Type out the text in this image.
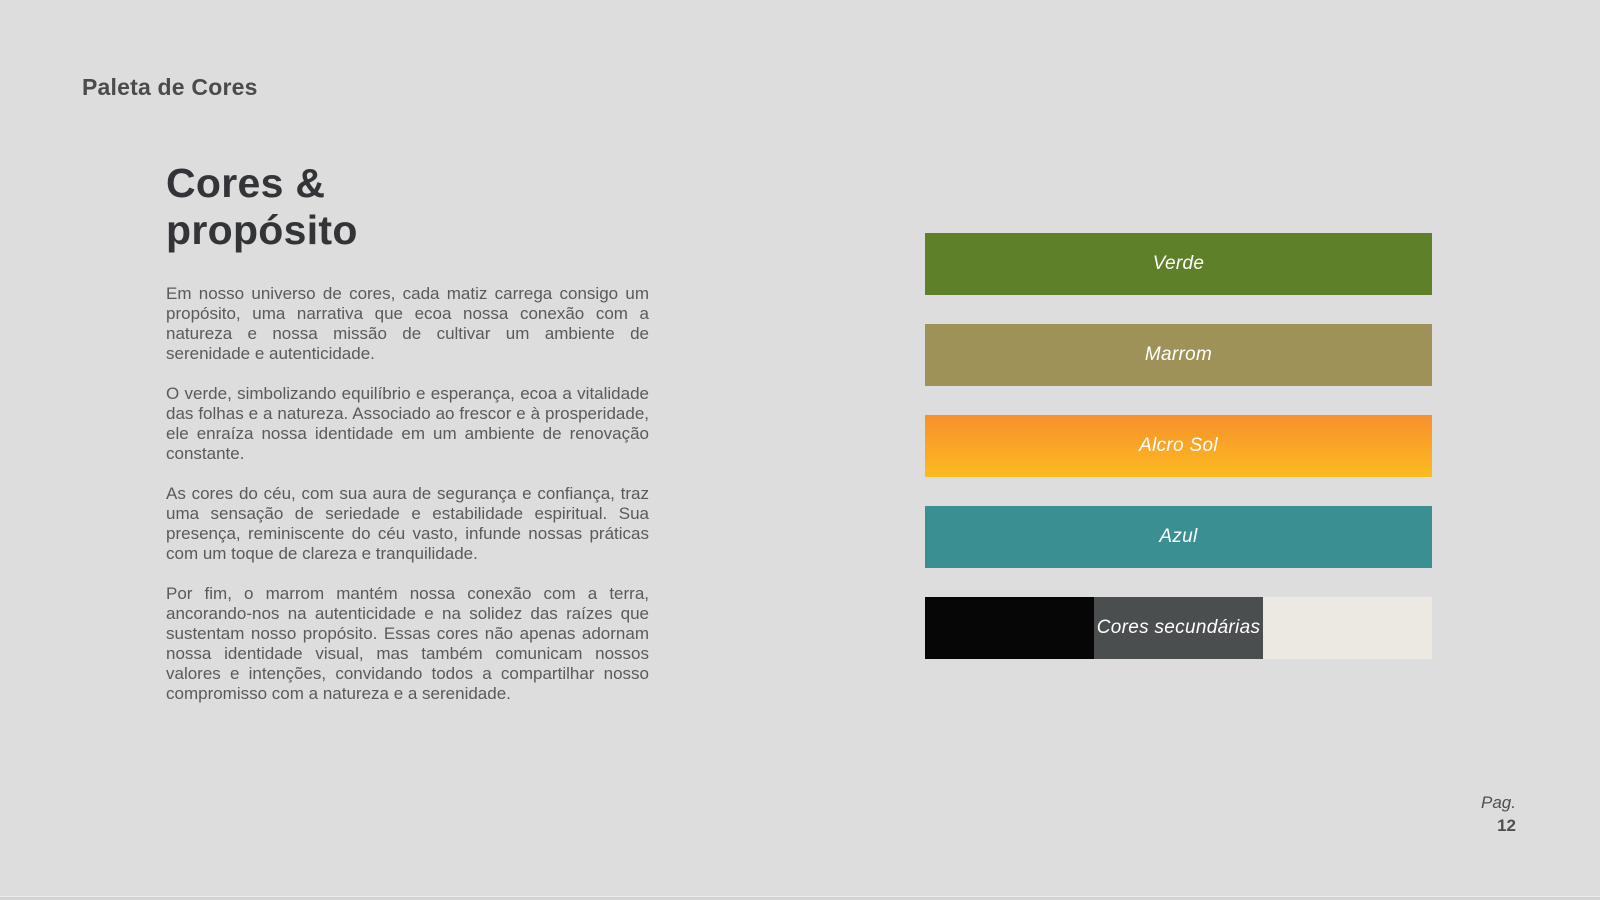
Paleta de Cores
Cores &
propósito

Em nosso universo de cores, cada matiz carrega consigo um propósito, uma narrativa que ecoa nossa conexão com a natureza e nossa missão de cultivar um ambiente de serenidade e autenticidade.

O verde, simbolizando equilíbrio e esperança, ecoa a vitalidade das folhas e a natureza. Associado ao frescor e à prosperidade, ele enraíza nossa identidade em um ambiente de renovação constante.

As cores do céu, com sua aura de segurança e confiança, traz uma sensação de seriedade e estabilidade espiritual. Sua presença, reminiscente do céu vasto, infunde nossas práticas com um toque de clareza e tranquilidade.

Por fim, o marrom mantém nossa conexão com a terra, ancorando-nos na autenticidade e na solidez das raízes que sustentam nosso propósito. Essas cores não apenas adornam nossa identidade visual, mas também comunicam nossos valores e intenções, convidando todos a compartilhar nosso compromisso com a natureza e a serenidade.

Verde
Marrom
Alcro Sol
Azul
Cores secundárias
Pag.
12
